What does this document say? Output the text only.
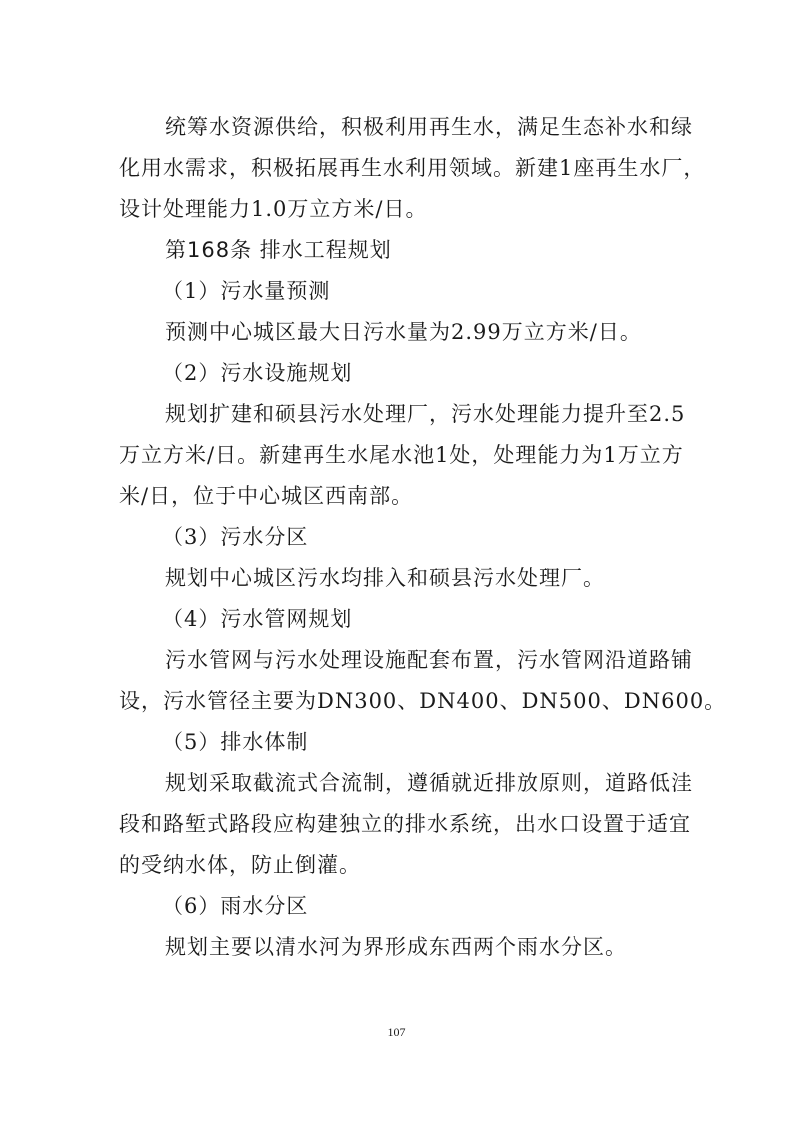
统筹水资源供给，积极利用再生水，满足生态补水和绿
化用水需求，积极拓展再生水利用领域。新建1座再生水厂，
设计处理能力1.0万立方米/日。
第168条 排水工程规划
（1）污水量预测
预测中心城区最大日污水量为2.99万立方米/日。
（2）污水设施规划
规划扩建和硕县污水处理厂，污水处理能力提升至2.5
万立方米/日。新建再生水尾水池1处，处理能力为1万立方
米/日，位于中心城区西南部。
（3）污水分区
规划中心城区污水均排入和硕县污水处理厂。
（4）污水管网规划
污水管网与污水处理设施配套布置，污水管网沿道路铺
设，污水管径主要为DN300、DN400、DN500、DN600。
（5）排水体制
规划采取截流式合流制，遵循就近排放原则，道路低洼
段和路堑式路段应构建独立的排水系统，出水口设置于适宜
的受纳水体，防止倒灌。
（6）雨水分区
规划主要以清水河为界形成东西两个雨水分区。
107
